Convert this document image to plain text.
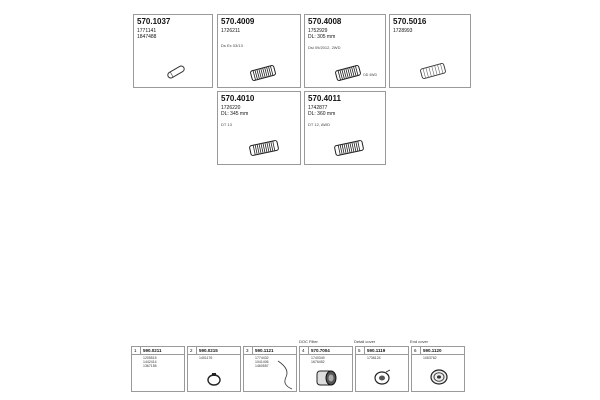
570.1037
1771141
1847488
570.4009
1726211
Ds Ex 03/13
570.4008
1752929
DL: 305 mm
Dsl 09/2012, 2WD
OD 4WD
570.5016
1728993
570.4010
1726220
DL: 345 mm
DT 13
570.4011
1742877
DL: 360 mm
DT 12, AWD
DOC Filter	Detail cover	End cover
1 590.0211
1205515
1442414
1367155
2 590.0215
1401176
3 590.1121
1774432
1041406
1460557
4 570.7004
1740349
1676452
5 590.1119
1736124
6 590.1120
1063762
